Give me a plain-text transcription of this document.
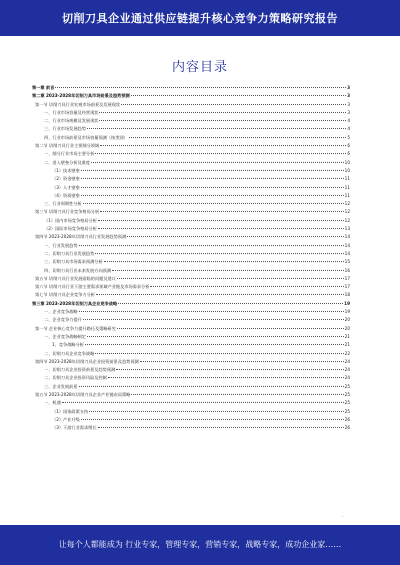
切削刀具企业通过供应链提升核心竞争力策略研究报告
内容目录
第一章 前言	3
第二章 2023-2028年切削刀具市场前景及趋势预测	3
第一节 切削刀具行业宏观市场前景及发展现状	3
一、行业市场容量及经营现状	3
二、行业市场规模及发展现状	4
三、行业市场发展趋势	4
四、行业市场前景及市场容量预测（按类别）	5
第二节 切削刀具行业主要细分领域	6
一、细分行业市场主要分析	6
二、进入壁垒分析及难度	10
（1）技术壁垒	10
（2）资金壁垒	11
（3）人才壁垒	11
（4）资质壁垒	11
三、行业周期性分析	12
第三节 切削刀具行业竞争格局分析	12
（1）国内市场竞争格局分析	12
（2）国际市场竞争格局分析	13
第四节 2023-2028年切削刀具行业发展趋势预测	14
一、行业发展趋势	14
二、切削刀具行业发展趋势	14
三、切削刀具市场需求预测分析	15
四、切削刀具行业未来发展方向预测	16
第五节 切削刀具行业发展面临的问题及建议	17
第六节 切削刀具行业下游主要需求领域产业链及市场需求分析	17
第七节 切削刀具企业竞争力分析	18
第三章 2023-2028年切削刀具企业竞争战略	19
一、企业竞争战略	19
二、企业竞争力提升	20
第一节 企业核心竞争力提升路径及策略研究	20
一、企业竞争战略制定	21
1、竞争战略分析	21
二、切削刀具企业竞争战略	22
第四节 2023-2028年切削刀具企业投资前景及趋势预测	24
一、切削刀具企业投资前景及趋势预测	24
二、切削刀具企业投资风险及控制	24
三、企业发展前景	25
第五节 2023-2028年切削刀具企业产业链布局策略	25
一、机遇	25
（1）国家政策支持	25
（2）产业升级	26
（3）下游行业需求增长	26
·
让每个人都能成为 行业专家，管理专家，营销专家，战略专家，成功企业家……
